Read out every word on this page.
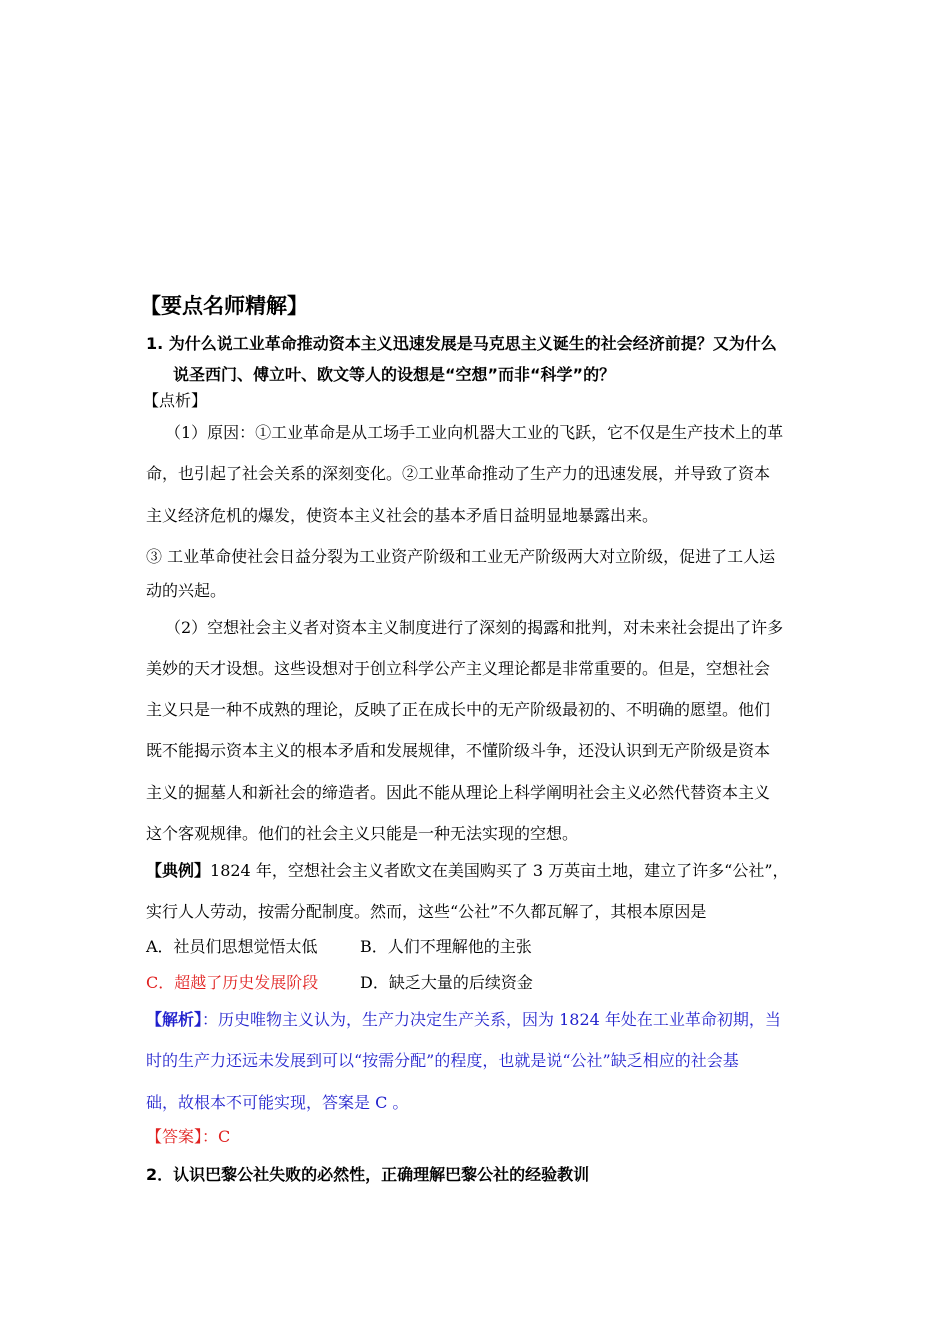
【要点名师精解】
1. 为什么说工业革命推动资本主义迅速发展是马克思主义诞生的社会经济前提？又为什么
说圣西门、傅立叶、欧文等人的设想是“空想”而非“科学”的？
【点析】
（1）原因：①工业革命是从工场手工业向机器大工业的飞跃，它不仅是生产技术上的革
命，也引起了社会关系的深刻变化。②工业革命推动了生产力的迅速发展，并导致了资本
主义经济危机的爆发，使资本主义社会的基本矛盾日益明显地暴露出来。
③ 工业革命使社会日益分裂为工业资产阶级和工业无产阶级两大对立阶级，促进了工人运
动的兴起。
（2）空想社会主义者对资本主义制度进行了深刻的揭露和批判，对未来社会提出了许多
美妙的天才设想。这些设想对于创立科学公产主义理论都是非常重要的。但是，空想社会
主义只是一种不成熟的理论，反映了正在成长中的无产阶级最初的、不明确的愿望。他们
既不能揭示资本主义的根本矛盾和发展规律，不懂阶级斗争，还没认识到无产阶级是资本
主义的掘墓人和新社会的缔造者。因此不能从理论上科学阐明社会主义必然代替资本主义
这个客观规律。他们的社会主义只能是一种无法实现的空想。
【典例】1824 年，空想社会主义者欧文在美国购买了 3 万英亩土地，建立了许多“公社”，
实行人人劳动，按需分配制度。然而，这些“公社”不久都瓦解了，其根本原因是
A．社员们思想觉悟太低	B．人们不理解他的主张
C．超越了历史发展阶段	D．缺乏大量的后续资金
【解析】：历史唯物主义认为，生产力决定生产关系，因为 1824 年处在工业革命初期，当
时的生产力还远未发展到可以“按需分配”的程度，也就是说“公社”缺乏相应的社会基
础，故根本不可能实现，答案是 C 。
【答案】：C
2．认识巴黎公社失败的必然性，正确理解巴黎公社的经验教训
